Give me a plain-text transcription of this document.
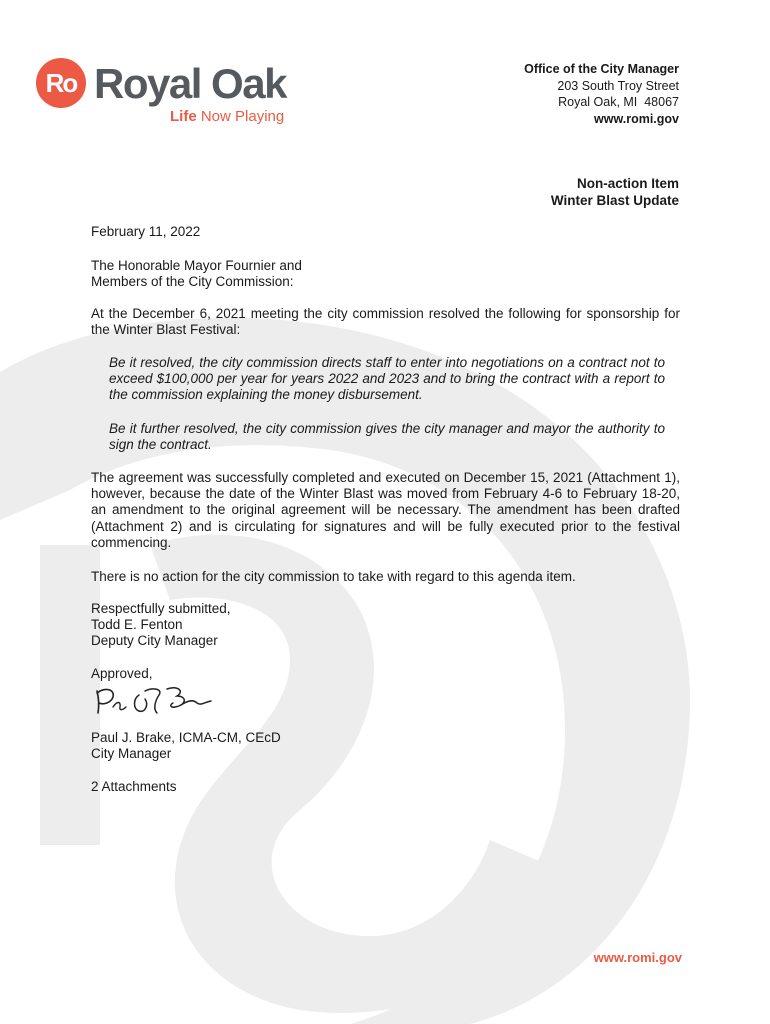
Ro Royal Oak
Life Now Playing
Office of the City Manager
203 South Troy Street
Royal Oak, MI  48067
www.romi.gov
Non-action Item
Winter Blast Update
February 11, 2022
The Honorable Mayor Fournier and
Members of the City Commission:
At the December 6, 2021 meeting the city commission resolved the following for sponsorship for the Winter Blast Festival:
Be it resolved, the city commission directs staff to enter into negotiations on a contract not to exceed $100,000 per year for years 2022 and 2023 and to bring the contract with a report to the commission explaining the money disbursement.
Be it further resolved, the city commission gives the city manager and mayor the authority to sign the contract.
The agreement was successfully completed and executed on December 15, 2021 (Attachment 1), however, because the date of the Winter Blast was moved from February 4-6 to February 18-20, an amendment to the original agreement will be necessary. The amendment has been drafted (Attachment 2) and is circulating for signatures and will be fully executed prior to the festival commencing.
There is no action for the city commission to take with regard to this agenda item.
Respectfully submitted,
Todd E. Fenton
Deputy City Manager
Approved,
Paul J. Brake, ICMA-CM, CEcD
City Manager
2 Attachments
www.romi.gov
